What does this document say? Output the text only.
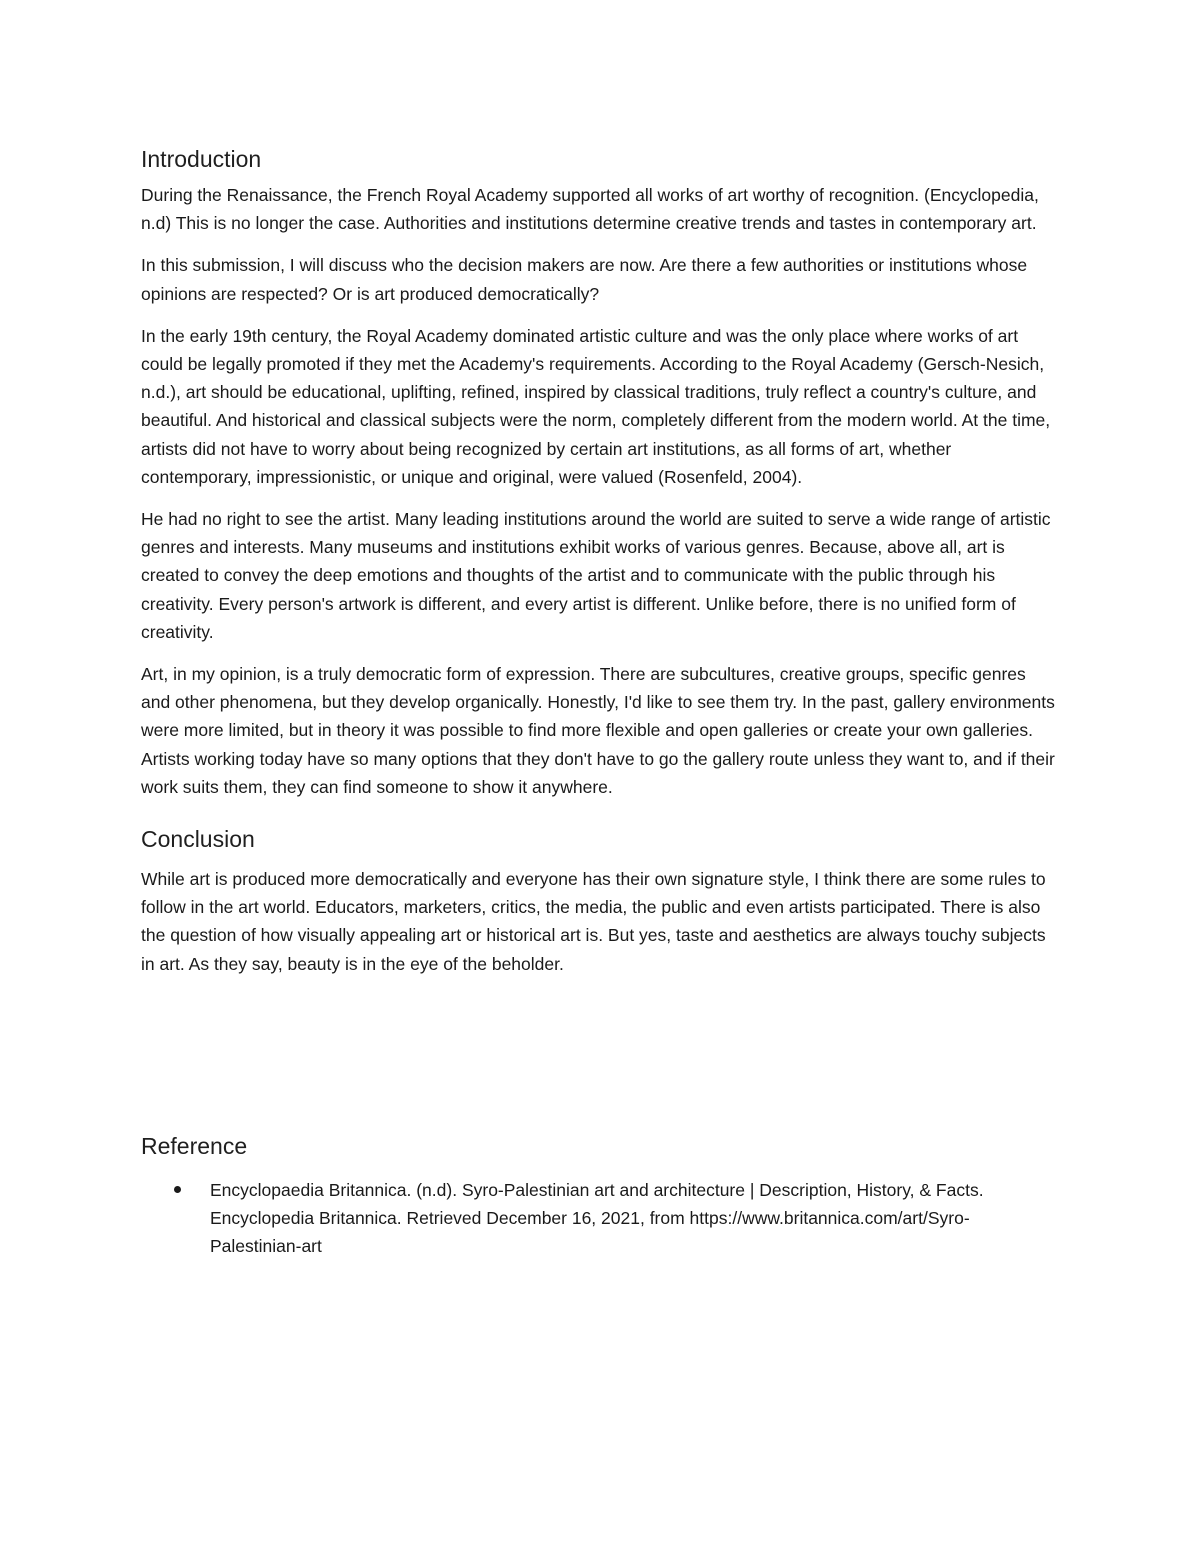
Introduction

During the Renaissance, the French Royal Academy supported all works of art worthy of recognition. (Encyclopedia, n.d) This is no longer the case. Authorities and institutions determine creative trends and tastes in contemporary art.

In this submission, I will discuss who the decision makers are now. Are there a few authorities or institutions whose opinions are respected? Or is art produced democratically?

In the early 19th century, the Royal Academy dominated artistic culture and was the only place where works of art could be legally promoted if they met the Academy's requirements. According to the Royal Academy (Gersch-Nesich, n.d.), art should be educational, uplifting, refined, inspired by classical traditions, truly reflect a country's culture, and beautiful. And historical and classical subjects were the norm, completely different from the modern world. At the time, artists did not have to worry about being recognized by certain art institutions, as all forms of art, whether contemporary, impressionistic, or unique and original, were valued (Rosenfeld, 2004).

He had no right to see the artist. Many leading institutions around the world are suited to serve a wide range of artistic genres and interests. Many museums and institutions exhibit works of various genres. Because, above all, art is created to convey the deep emotions and thoughts of the artist and to communicate with the public through his creativity. Every person's artwork is different, and every artist is different. Unlike before, there is no unified form of creativity.

Art, in my opinion, is a truly democratic form of expression. There are subcultures, creative groups, specific genres and other phenomena, but they develop organically. Honestly, I'd like to see them try. In the past, gallery environments were more limited, but in theory it was possible to find more flexible and open galleries or create your own galleries. Artists working today have so many options that they don't have to go the gallery route unless they want to, and if their work suits them, they can find someone to show it anywhere.

Conclusion

While art is produced more democratically and everyone has their own signature style, I think there are some rules to follow in the art world. Educators, marketers, critics, the media, the public and even artists participated. There is also the question of how visually appealing art or historical art is. But yes, taste and aesthetics are always touchy subjects in art. As they say, beauty is in the eye of the beholder.

Reference
Encyclopaedia Britannica. (n.d). Syro-Palestinian art and architecture | Description, History, & Facts. Encyclopedia Britannica. Retrieved December 16, 2021, from https://www.britannica.com/art/Syro-Palestinian-art
